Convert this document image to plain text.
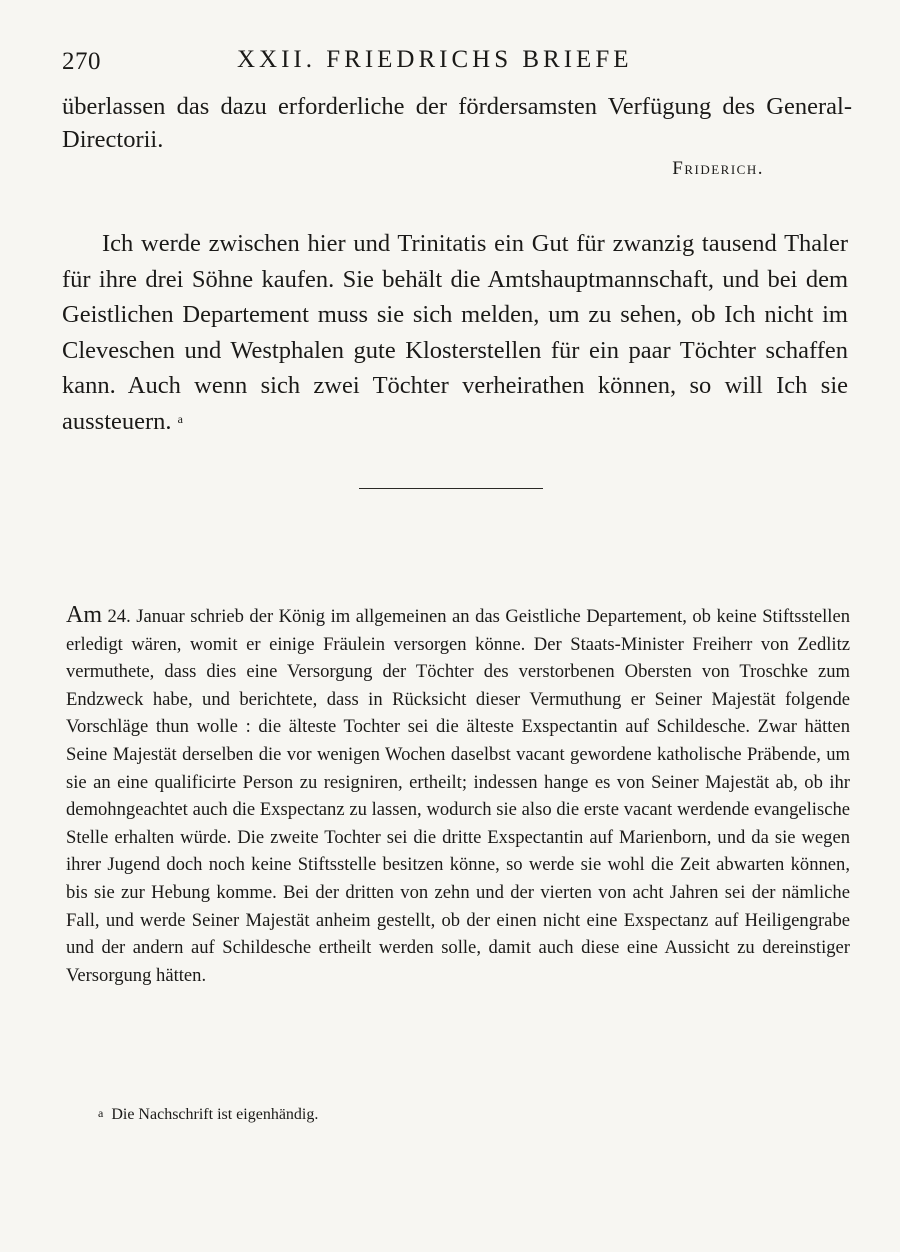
270	XXII. FRIEDRICHS BRIEFE
überlassen das dazu erforderliche der fördersamsten Verfügung des General-Directorii.
Friderich.

Ich werde zwischen hier und Trinitatis ein Gut für zwanzig tausend Thaler für ihre drei Söhne kaufen. Sie behält die Amtshauptmannschaft, und bei dem Geistlichen Departement muss sie sich melden, um zu sehen, ob Ich nicht im Cleveschen und Westphalen gute Klosterstellen für ein paar Töchter schaffen kann. Auch wenn sich zwei Töchter verheirathen können, so will Ich sie aussteuern. $^a$

Am 24. Januar schrieb der König im allgemeinen an das Geistliche Departement, ob keine Stiftsstellen erledigt wären, womit er einige Fräulein versorgen könne. Der Staats-Minister Freiherr von Zedlitz vermuthete, dass dies eine Versorgung der Töchter des verstorbenen Obersten von Troschke zum Endzweck habe, und berichtete, dass in Rücksicht dieser Vermuthung er Seiner Majestät folgende Vorschläge thun wolle : die älteste Tochter sei die älteste Exspectantin auf Schildesche. Zwar hätten Seine Majestät derselben die vor wenigen Wochen daselbst vacant gewordene katholische Präbende, um sie an eine qualificirte Person zu resigniren, ertheilt; indessen hange es von Seiner Majestät ab, ob ihr demohngeachtet auch die Exspectanz zu lassen, wodurch sie also die erste vacant werdende evangelische Stelle erhalten würde. Die zweite Tochter sei die dritte Exspectantin auf Marienborn, und da sie wegen ihrer Jugend doch noch keine Stiftsstelle besitzen könne, so werde sie wohl die Zeit abwarten können, bis sie zur Hebung komme. Bei der dritten von zehn und der vierten von acht Jahren sei der nämliche Fall, und werde Seiner Majestät anheim gestellt, ob der einen nicht eine Exspectanz auf Heiligengrabe und der andern auf Schildesche ertheilt werden solle, damit auch diese eine Aussicht zu dereinstiger Versorgung hätten.

$^a$ Die Nachschrift ist eigenhändig.
